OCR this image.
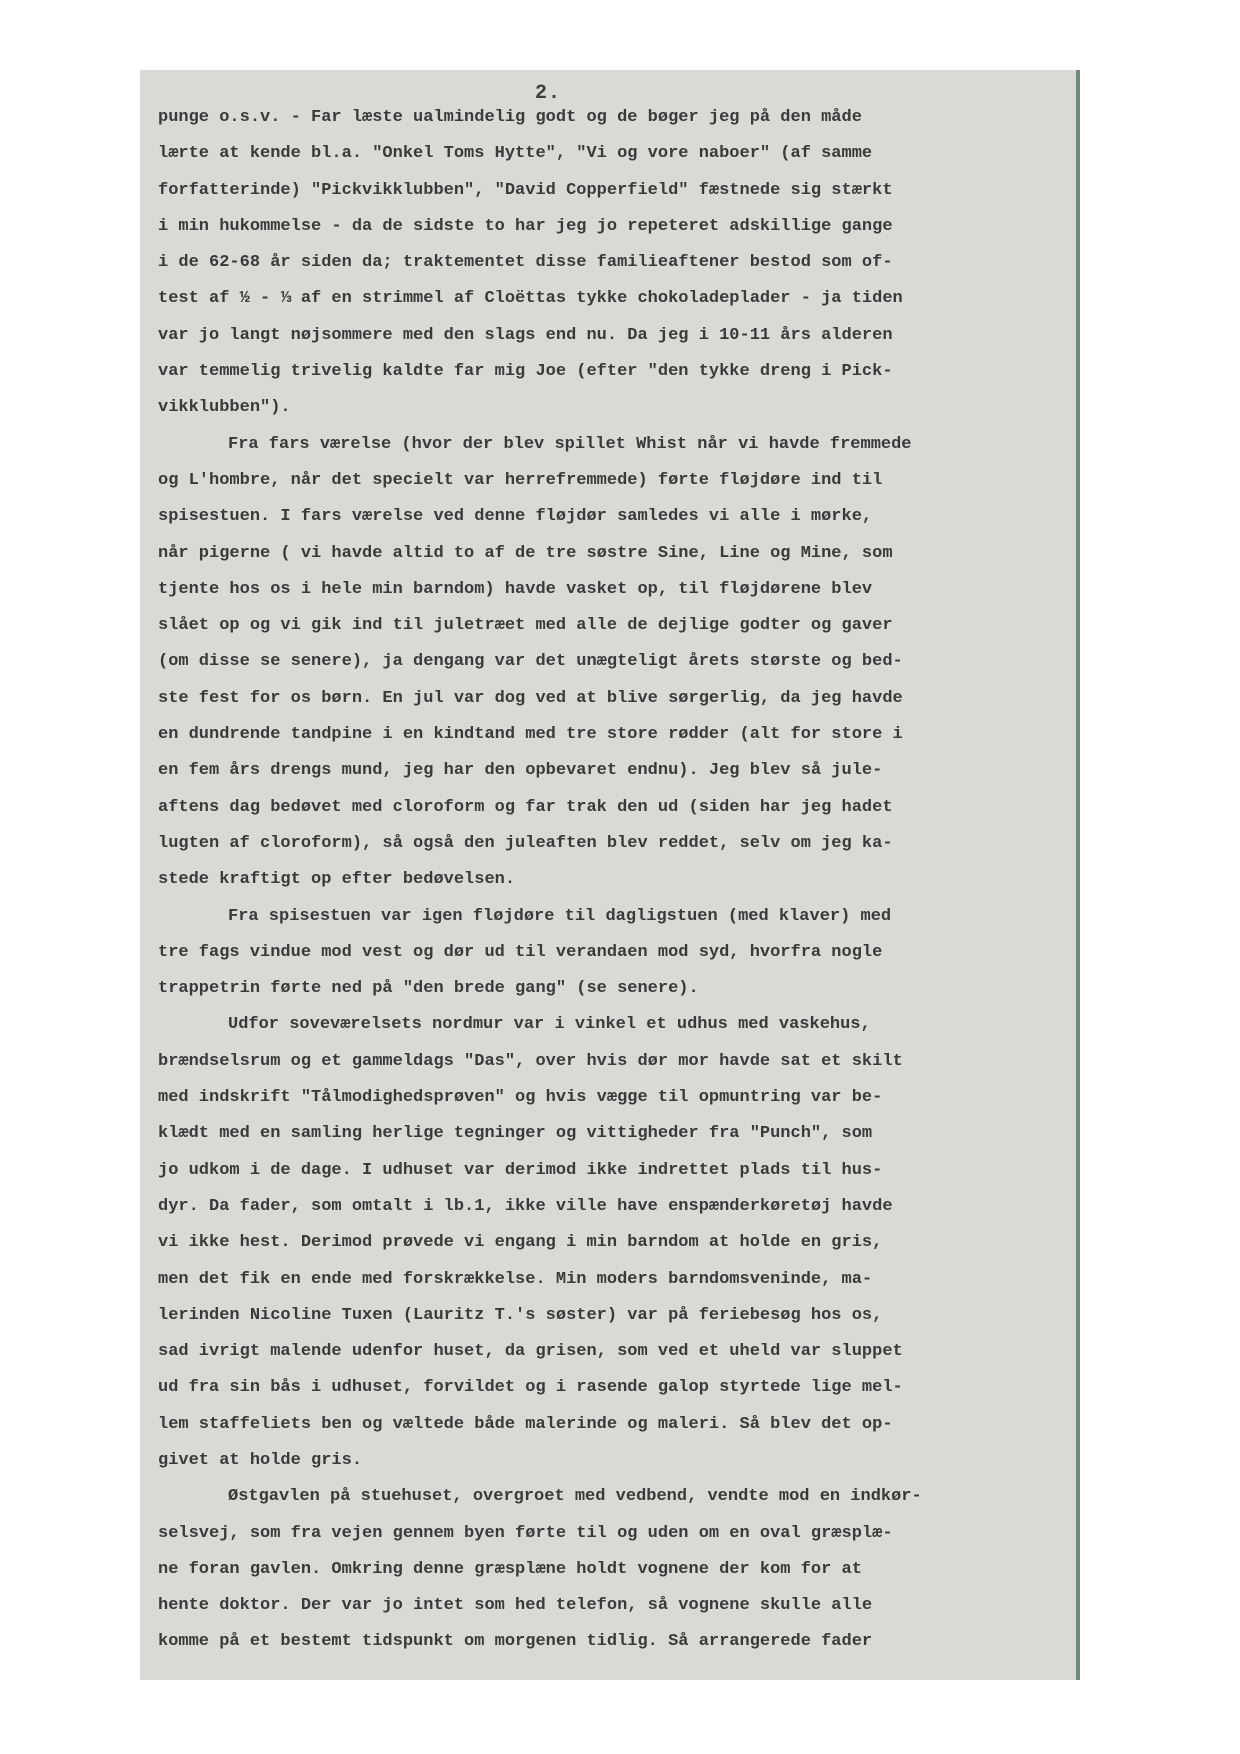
2.
punge o.s.v. - Far læste ualmindelig godt og de bøger jeg på den måde
lærte at kende bl.a. "Onkel Toms Hytte", "Vi og vore naboer" (af samme
forfatterinde) "Pickvikklubben", "David Copperfield" fæstnede sig stærkt
i min hukommelse - da de sidste to har jeg jo repeteret adskillige gange
i de 62-68 år siden da; traktementet disse familieaftener bestod som of-
test af ½ - ⅓ af en strimmel af Cloëttas tykke chokoladeplader - ja tiden
var jo langt nøjsommere med den slags end nu. Da jeg i 10-11 års alderen
var temmelig trivelig kaldte far mig Joe (efter "den tykke dreng i Pick-
vikklubben").
Fra fars værelse (hvor der blev spillet Whist når vi havde fremmede
og L'hombre, når det specielt var herrefremmede) førte fløjdøre ind til
spisestuen. I fars værelse ved denne fløjdør samledes vi alle i mørke,
når pigerne ( vi havde altid to af de tre søstre Sine, Line og Mine, som
tjente hos os i hele min barndom) havde vasket op, til fløjdørene blev
slået op og vi gik ind til juletræet med alle de dejlige godter og gaver
(om disse se senere), ja dengang var det unægteligt årets største og bed-
ste fest for os børn. En jul var dog ved at blive sørgerlig, da jeg havde
en dundrende tandpine i en kindtand med tre store rødder (alt for store i
en fem års drengs mund, jeg har den opbevaret endnu). Jeg blev så jule-
aftens dag bedøvet med cloroform og far trak den ud (siden har jeg hadet
lugten af cloroform), så også den juleaften blev reddet, selv om jeg ka-
stede kraftigt op efter bedøvelsen.
Fra spisestuen var igen fløjdøre til dagligstuen (med klaver) med
tre fags vindue mod vest og dør ud til verandaen mod syd, hvorfra nogle
trappetrin førte ned på "den brede gang" (se senere).
Udfor soveværelsets nordmur var i vinkel et udhus med vaskehus,
brændselsrum og et gammeldags "Das", over hvis dør mor havde sat et skilt
med indskrift "Tålmodighedsprøven" og hvis vægge til opmuntring var be-
klædt med en samling herlige tegninger og vittigheder fra "Punch", som
jo udkom i de dage. I udhuset var derimod ikke indrettet plads til hus-
dyr. Da fader, som omtalt i lb.1, ikke ville have enspænderkøretøj havde
vi ikke hest. Derimod prøvede vi engang i min barndom at holde en gris,
men det fik en ende med forskrækkelse. Min moders barndomsveninde, ma-
lerinden Nicoline Tuxen (Lauritz T.'s søster) var på feriebesøg hos os,
sad ivrigt malende udenfor huset, da grisen, som ved et uheld var sluppet
ud fra sin bås i udhuset, forvildet og i rasende galop styrtede lige mel-
lem staffeliets ben og væltede både malerinde og maleri. Så blev det op-
givet at holde gris.
Østgavlen på stuehuset, overgroet med vedbend, vendte mod en indkør-
selsvej, som fra vejen gennem byen førte til og uden om en oval græsplæ-
ne foran gavlen. Omkring denne græsplæne holdt vognene der kom for at
hente doktor. Der var jo intet som hed telefon, så vognene skulle alle
komme på et bestemt tidspunkt om morgenen tidlig. Så arrangerede fader
